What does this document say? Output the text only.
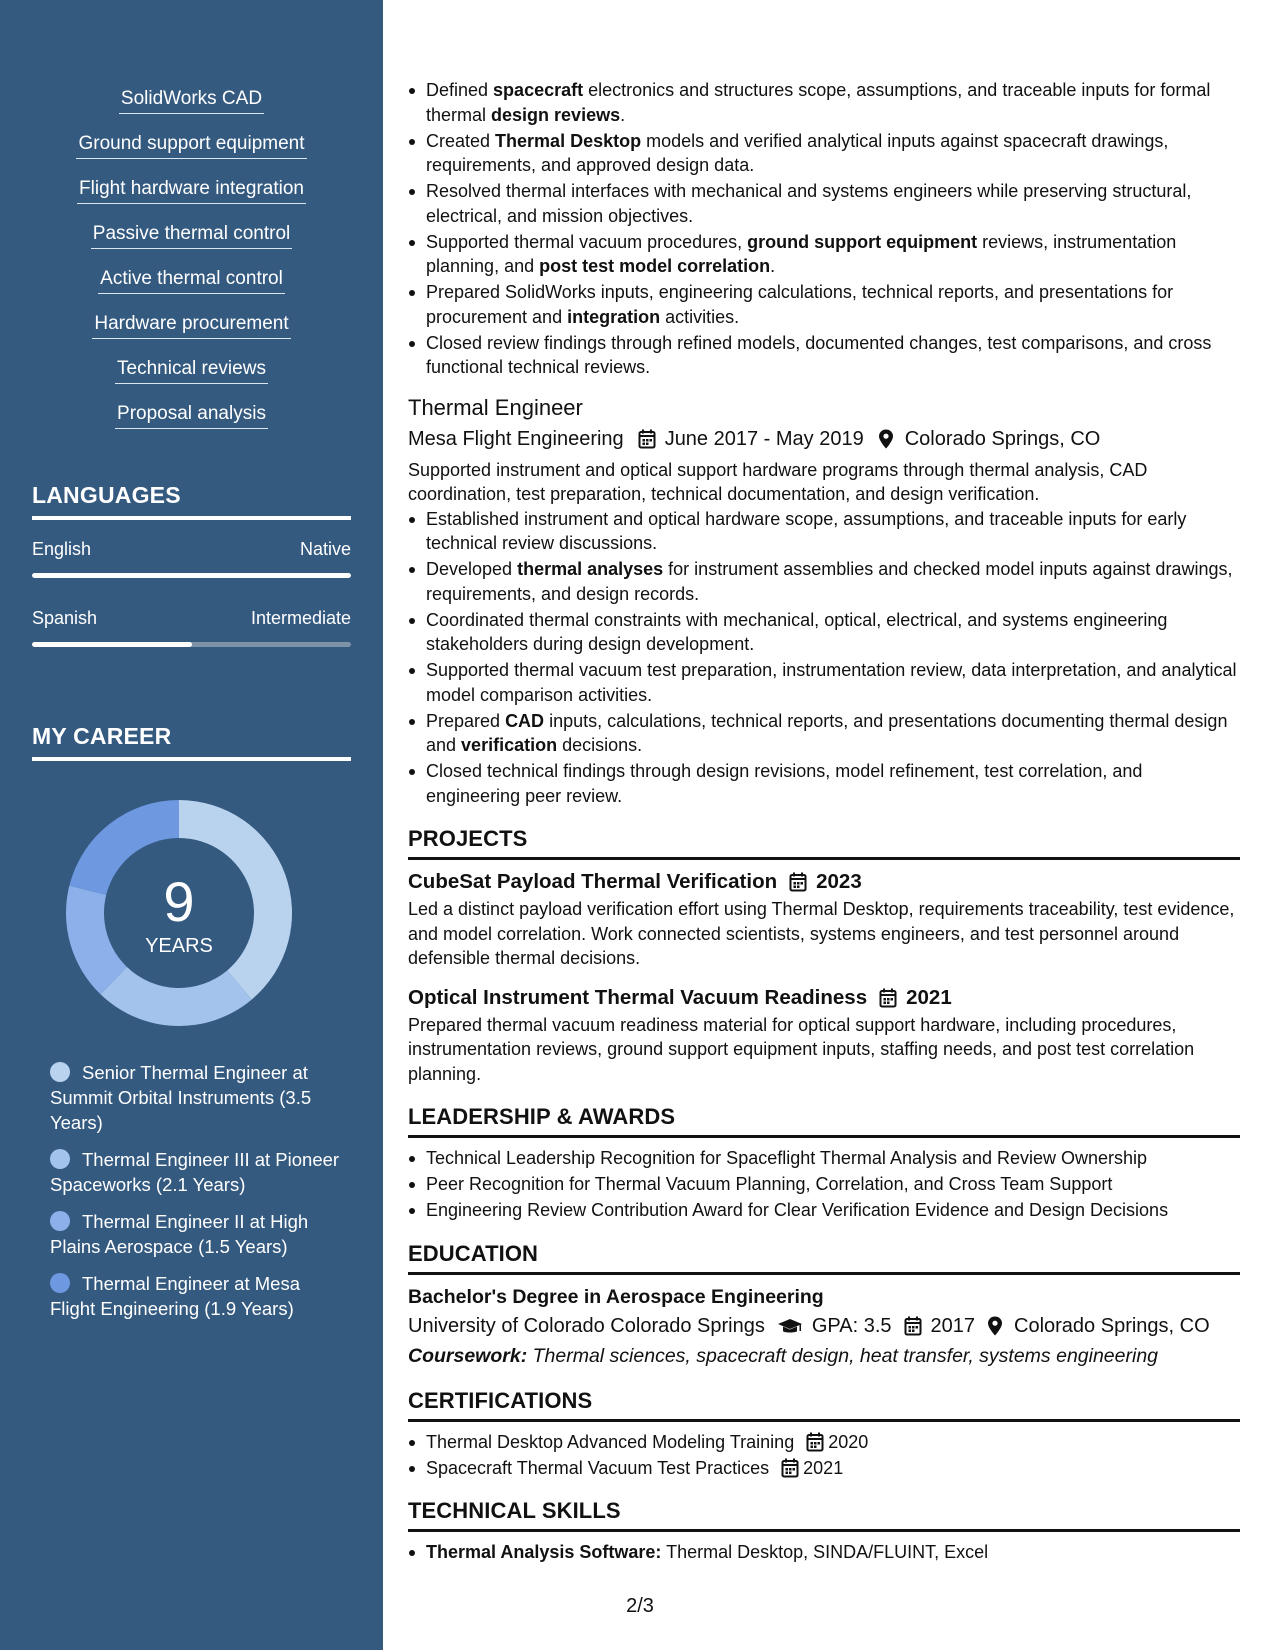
SolidWorks CAD
Ground support equipment
Flight hardware integration
Passive thermal control
Active thermal control
Hardware procurement
Technical reviews
Proposal analysis
LANGUAGES
English	Native
Spanish	Intermediate
MY CAREER
9
YEARS
Senior Thermal Engineer at Summit Orbital Instruments (3.5 Years)
Thermal Engineer III at Pioneer Spaceworks (2.1 Years)
Thermal Engineer II at High Plains Aerospace (1.5 Years)
Thermal Engineer at Mesa Flight Engineering (1.9 Years)
Defined spacecraft electronics and structures scope, assumptions, and traceable inputs for formal thermal design reviews.
Created Thermal Desktop models and verified analytical inputs against spacecraft drawings, requirements, and approved design data.
Resolved thermal interfaces with mechanical and systems engineers while preserving structural, electrical, and mission objectives.
Supported thermal vacuum procedures, ground support equipment reviews, instrumentation planning, and post test model correlation.
Prepared SolidWorks inputs, engineering calculations, technical reports, and presentations for procurement and integration activities.
Closed review findings through refined models, documented changes, test comparisons, and cross functional technical reviews.
Thermal Engineer
Mesa Flight Engineering June 2017 - May 2019 Colorado Springs, CO
Supported instrument and optical support hardware programs through thermal analysis, CAD coordination, test preparation, technical documentation, and design verification.
Established instrument and optical hardware scope, assumptions, and traceable inputs for early technical review discussions.
Developed thermal analyses for instrument assemblies and checked model inputs against drawings, requirements, and design records.
Coordinated thermal constraints with mechanical, optical, electrical, and systems engineering stakeholders during design development.
Supported thermal vacuum test preparation, instrumentation review, data interpretation, and analytical model comparison activities.
Prepared CAD inputs, calculations, technical reports, and presentations documenting thermal design and verification decisions.
Closed technical findings through design revisions, model refinement, test correlation, and engineering peer review.
PROJECTS
CubeSat Payload Thermal Verification 2023
Led a distinct payload verification effort using Thermal Desktop, requirements traceability, test evidence, and model correlation. Work connected scientists, systems engineers, and test personnel around defensible thermal decisions.
Optical Instrument Thermal Vacuum Readiness 2021
Prepared thermal vacuum readiness material for optical support hardware, including procedures, instrumentation reviews, ground support equipment inputs, staffing needs, and post test correlation planning.
LEADERSHIP & AWARDS
Technical Leadership Recognition for Spaceflight Thermal Analysis and Review Ownership
Peer Recognition for Thermal Vacuum Planning, Correlation, and Cross Team Support
Engineering Review Contribution Award for Clear Verification Evidence and Design Decisions
EDUCATION
Bachelor's Degree in Aerospace Engineering
University of Colorado Colorado Springs GPA: 3.5 2017 Colorado Springs, CO
Coursework: Thermal sciences, spacecraft design, heat transfer, systems engineering
CERTIFICATIONS
Thermal Desktop Advanced Modeling Training 2020
Spacecraft Thermal Vacuum Test Practices 2021
TECHNICAL SKILLS
Thermal Analysis Software: Thermal Desktop, SINDA/FLUINT, Excel
2/3
